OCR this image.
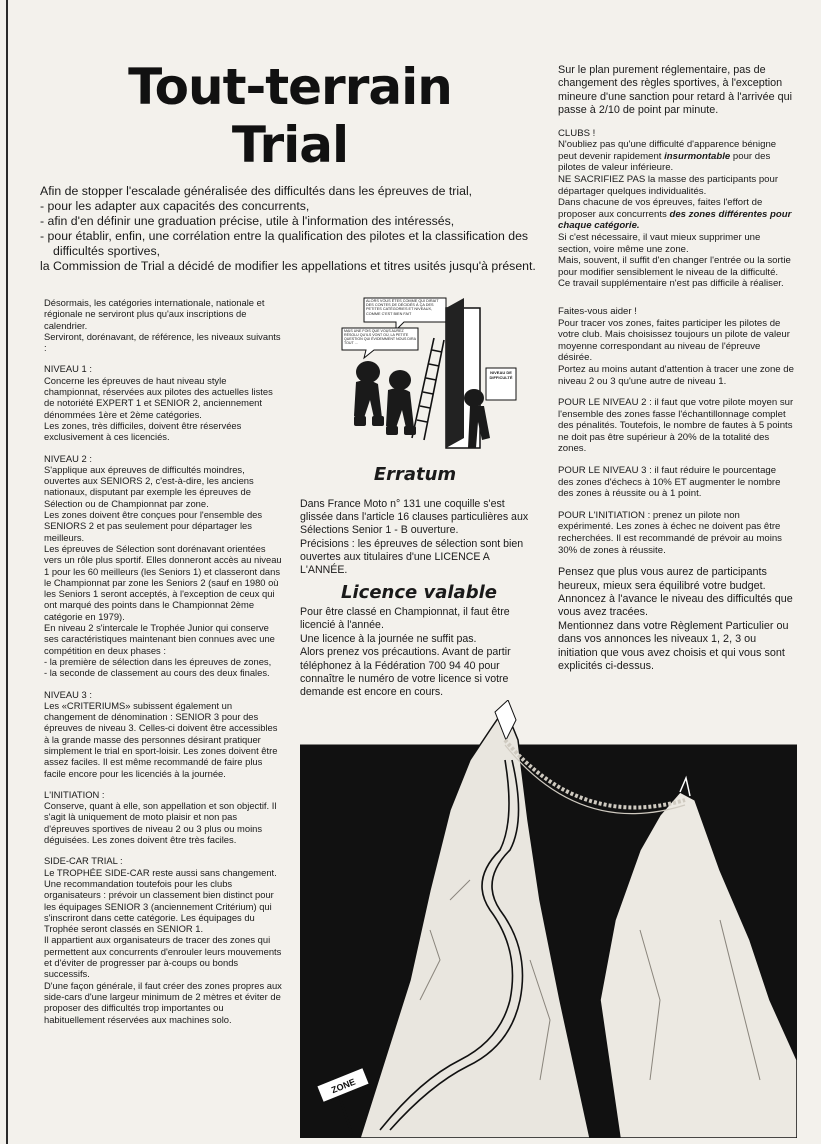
Tout-terrain
Trial

Afin de stopper l'escalade généralisée des difficultés dans les épreuves de trial,

- pour les adapter aux capacités des concurrents,
- afin d'en définir une graduation précise, utile à l'information des intéressés,
- pour établir, enfin, une corrélation entre la qualification des pilotes et la classification des difficultés sportives,

la Commission de Trial a décidé de modifier les appellations et titres usités jusqu'à présent.

Désormais, les catégories internationale, nationale et régionale ne serviront plus qu'aux inscriptions de calendrier.

Serviront, dorénavant, de référence, les niveaux suivants :

NIVEAU 1 :

Concerne les épreuves de haut niveau style championnat, réservées aux pilotes des actuelles listes de notoriété EXPERT 1 et SENIOR 2, anciennement dénommées 1ère et 2ème catégories.

Les zones, très difficiles, doivent être réservées exclusivement à ces licenciés.

NIVEAU 2 :

S'applique aux épreuves de difficultés moindres, ouvertes aux SENIORS 2, c'est-à-dire, les anciens nationaux, disputant par exemple les épreuves de Sélection ou de Championnat par zone.

Les zones doivent être conçues pour l'ensemble des SENIORS 2 et pas seulement pour départager les meilleurs.

Les épreuves de Sélection sont dorénavant orientées vers un rôle plus sportif. Elles donneront accès au niveau 1 pour les 60 meilleurs (les Seniors 1) et classeront dans le Championnat par zone les Seniors 2 (sauf en 1980 où les Seniors 1 seront acceptés, à l'exception de ceux qui ont marqué des points dans le Championnat 2ème catégorie en 1979).

En niveau 2 s'intercale le Trophée Junior qui conserve ses caractéristiques maintenant bien connues avec une compétition en deux phases :

- la première de sélection dans les épreuves de zones,
- la seconde de classement au cours des deux finales.

NIVEAU 3 :

Les «CRITERIUMS» subissent également un changement de dénomination : SENIOR 3 pour des épreuves de niveau 3. Celles-ci doivent être accessibles à la grande masse des personnes désirant pratiquer simplement le trial en sport-loisir. Les zones doivent être assez faciles. Il est même recommandé de faire plus facile encore pour les licenciés à la journée.

L'INITIATION :

Conserve, quant à elle, son appellation et son objectif. Il s'agit là uniquement de moto plaisir et non pas d'épreuves sportives de niveau 2 ou 3 plus ou moins déguisées. Les zones doivent être très faciles.

SIDE-CAR TRIAL :

Le TROPHÉE SIDE-CAR reste aussi sans changement. Une recommandation toutefois pour les clubs organisateurs : prévoir un classement bien distinct pour les équipages SENIOR 3 (anciennement Critérium) qui s'inscriront dans cette catégorie. Les équipages du Trophée seront classés en SENIOR 1.

Il appartient aux organisateurs de tracer des zones qui permettent aux concurrents d'enrouler leurs mouvements et d'éviter de progresser par à-coups ou bonds successifs.

D'une façon générale, il faut créer des zones propres aux side-cars d'une largeur minimum de 2 mètres et éviter de proposer des difficultés trop importantes ou habituellement réservées aux machines solo.

ALORS VOUS ÊTES COMME QUI DIRAIT DES CONTES DE DÉCIDÉS À ÇA DES PETITES CATÉGORIES ET NIVEAUX, COMME C'EST BIEN FAIT
MAIS UNE FOIS QUE VOUS AUREZ RÉSOLU QU'ILS VONT OÙ, LA PETITE QUESTION QUI ÉVIDEMMENT NOUS DIRA TOUT ...
NIVEAU DE DIFFICULTÉ
Erratum

Dans France Moto n° 131 une coquille s'est glissée dans l'article 16 clauses particulières aux Sélections Senior 1 - B ouverture.

Précisions : les épreuves de sélection sont bien ouvertes aux titulaires d'une LICENCE A L'ANNÉE.

Licence valable

Pour être classé en Championnat, il faut être licencié à l'année.

Une licence à la journée ne suffit pas.

Alors prenez vos précautions. Avant de partir téléphonez à la Fédération 700 94 40 pour connaître le numéro de votre licence si votre demande est encore en cours.

Sur le plan purement réglementaire, pas de changement des règles sportives, à l'exception mineure d'une sanction pour retard à l'arrivée qui passe à 2/10 de point par minute.

CLUBS !

N'oubliez pas qu'une difficulté d'apparence bénigne peut devenir rapidement insurmontable pour des pilotes de valeur inférieure.

NE SACRIFIEZ PAS la masse des participants pour départager quelques individualités.

Dans chacune de vos épreuves, faites l'effort de proposer aux concurrents des zones différentes pour chaque catégorie.

Si c'est nécessaire, il vaut mieux supprimer une section, voire même une zone.

Mais, souvent, il suffit d'en changer l'entrée ou la sortie pour modifier sensiblement le niveau de la difficulté.

Ce travail supplémentaire n'est pas difficile à réaliser.

Faites-vous aider !

Pour tracer vos zones, faites participer les pilotes de votre club. Mais choisissez toujours un pilote de valeur moyenne correspondant au niveau de l'épreuve désirée.

Portez au moins autant d'attention à tracer une zone de niveau 2 ou 3 qu'une autre de niveau 1.

POUR LE NIVEAU 2 : il faut que votre pilote moyen sur l'ensemble des zones fasse l'échantillonnage complet des pénalités. Toutefois, le nombre de fautes à 5 points ne doit pas être supérieur à 20% de la totalité des zones.

POUR LE NIVEAU 3 : il faut réduire le pourcentage des zones d'échecs à 10% ET augmenter le nombre des zones à réussite ou à 1 point.

POUR L'INITIATION : prenez un pilote non expérimenté. Les zones à échec ne doivent pas être recherchées. Il est recommandé de prévoir au moins 30% de zones à réussite.

Pensez que plus vous aurez de participants heureux, mieux sera équilibré votre budget.

Annoncez à l'avance le niveau des difficultés que vous avez tracées.

Mentionnez dans votre Règlement Particulier ou dans vos annonces les niveaux 1, 2, 3 ou initiation que vous avez choisis et qui vous sont explicités ci-dessus.

ZONE
